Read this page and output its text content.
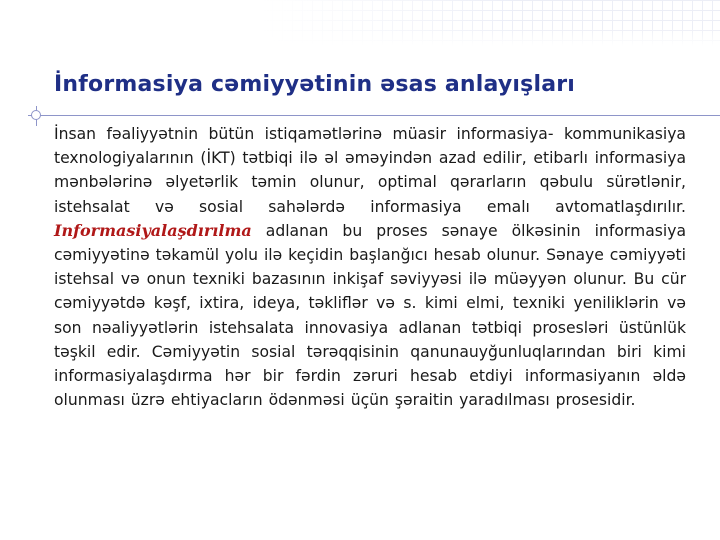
İnformasiya cəmiyyətinin əsas anlayışları

İnsan fəaliyyətnin bütün istiqamətlərinə müasir informasiya- kommunikasiya texnologiyalarının (İKT) tətbiqi ilə əl əməyindən azad edilir, etibarlı informasiya mənbələrinə əlyetərlik təmin olunur, optimal qərarların qəbulu sürətlənir, istehsalat və sosial sahələrdə informasiya emalı avtomatlaşdırılır. Informasiyalaşdırılma adlanan bu proses sənaye ölkəsinin informasiya cəmiyyətinə təkamül yolu ilə keçidin başlanğıcı hesab olunur. Sənaye cəmiyyəti istehsal və onun texniki bazasının inkişaf səviyyəsi ilə müəyyən olunur. Bu cür cəmiyyətdə kəşf, ixtira, ideya, təkliflər və s. kimi elmi, texniki yeniliklərin və son nəaliyyətlərin istehsalata innovasiya adlanan tətbiqi prosesləri üstünlük təşkil edir. Cəmiyyətin sosial tərəqqisinin qanunauyğunluqlarından biri kimi informasiyalaşdırma hər bir fərdin zəruri hesab etdiyi informasiyanın əldə olunması üzrə ehtiyacların ödənməsi üçün şəraitin yaradılması prosesidir.
